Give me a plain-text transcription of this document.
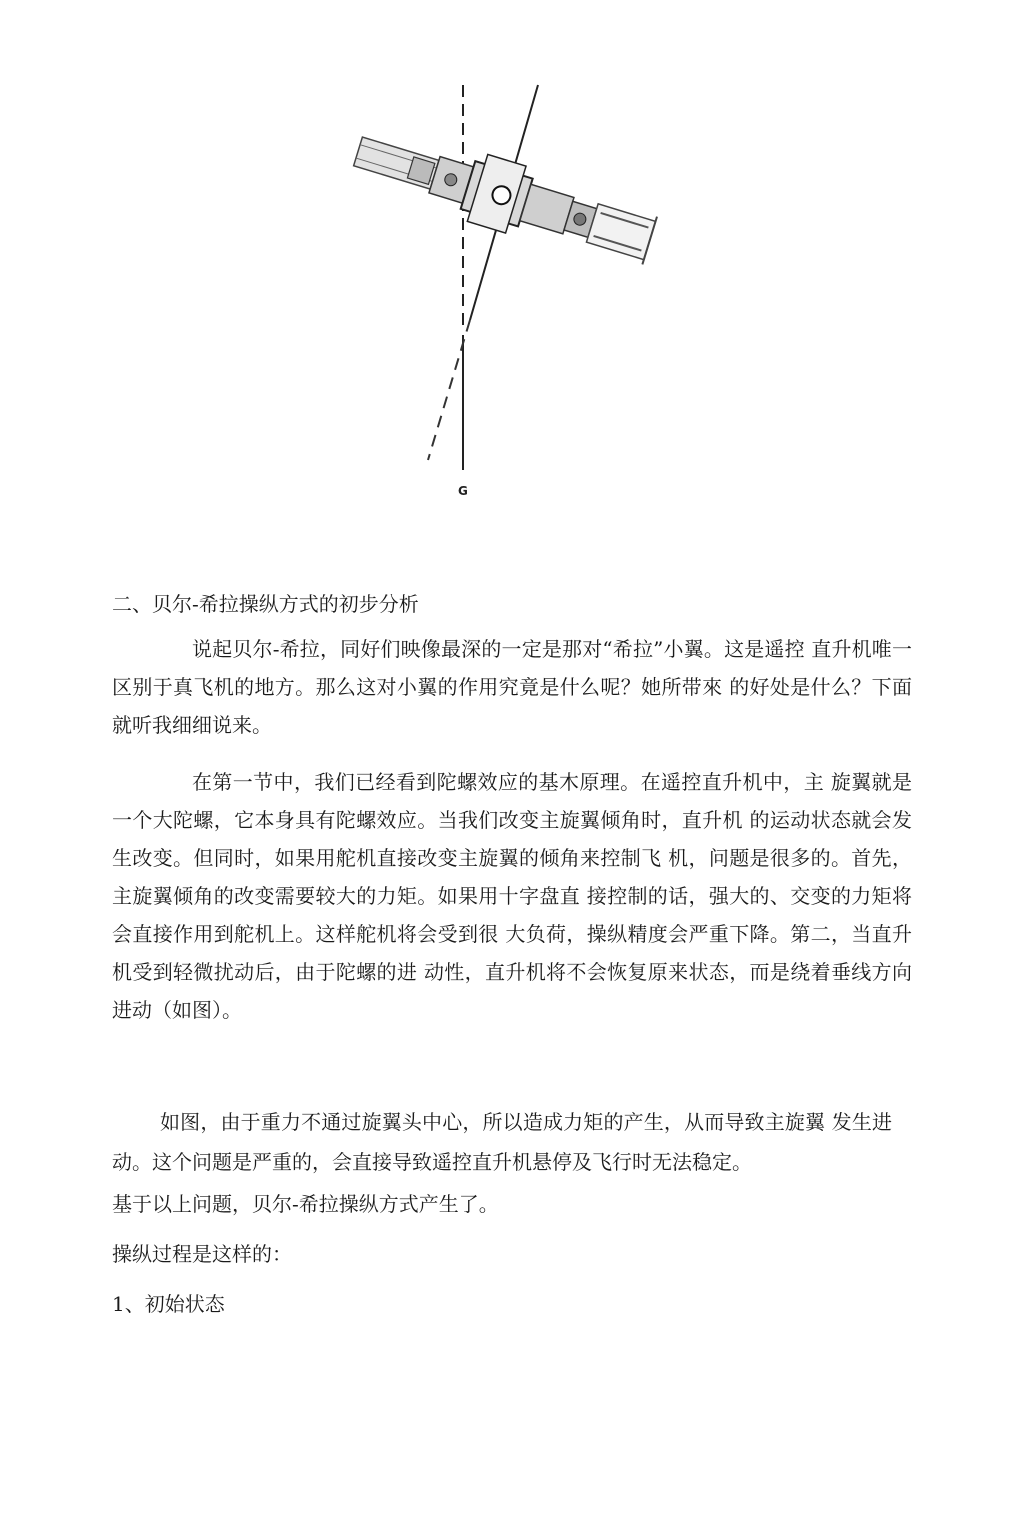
G
二、贝尔-希拉操纵方式的初步分析

说起贝尔-希拉，同好们映像最深的一定是那对“希拉”小翼。这是遥控 直升机唯一区别于真飞机的地方。那么这对小翼的作用究竟是什么呢？她所带來 的好处是什么？下面就听我细细说来。

在第一节中，我们已经看到陀螺效应的基木原理。在遥控直升机中，主 旋翼就是一个大陀螺，它本身具有陀螺效应。当我们改变主旋翼倾角时，直升机 的运动状态就会发生改变。但同时，如果用舵机直接改变主旋翼的倾角来控制飞 机，问题是很多的。首先，主旋翼倾角的改变需要较大的力矩。如果用十字盘直 接控制的话，强大的、交变的力矩将会直接作用到舵机上。这样舵机将会受到很 大负荷，操纵精度会严重下降。第二，当直升机受到轻微扰动后，由于陀螺的进 动性，直升机将不会恢复原来状态，而是绕着垂线方向进动（如图）。

如图，由于重力不通过旋翼头中心，所以造成力矩的产生，从而导致主旋翼 发生进动。这个问题是严重的，会直接导致遥控直升机悬停及飞行时无法稳定。

基于以上问题，贝尔-希拉操纵方式产生了。

操纵过程是这样的：

1、初始状态
